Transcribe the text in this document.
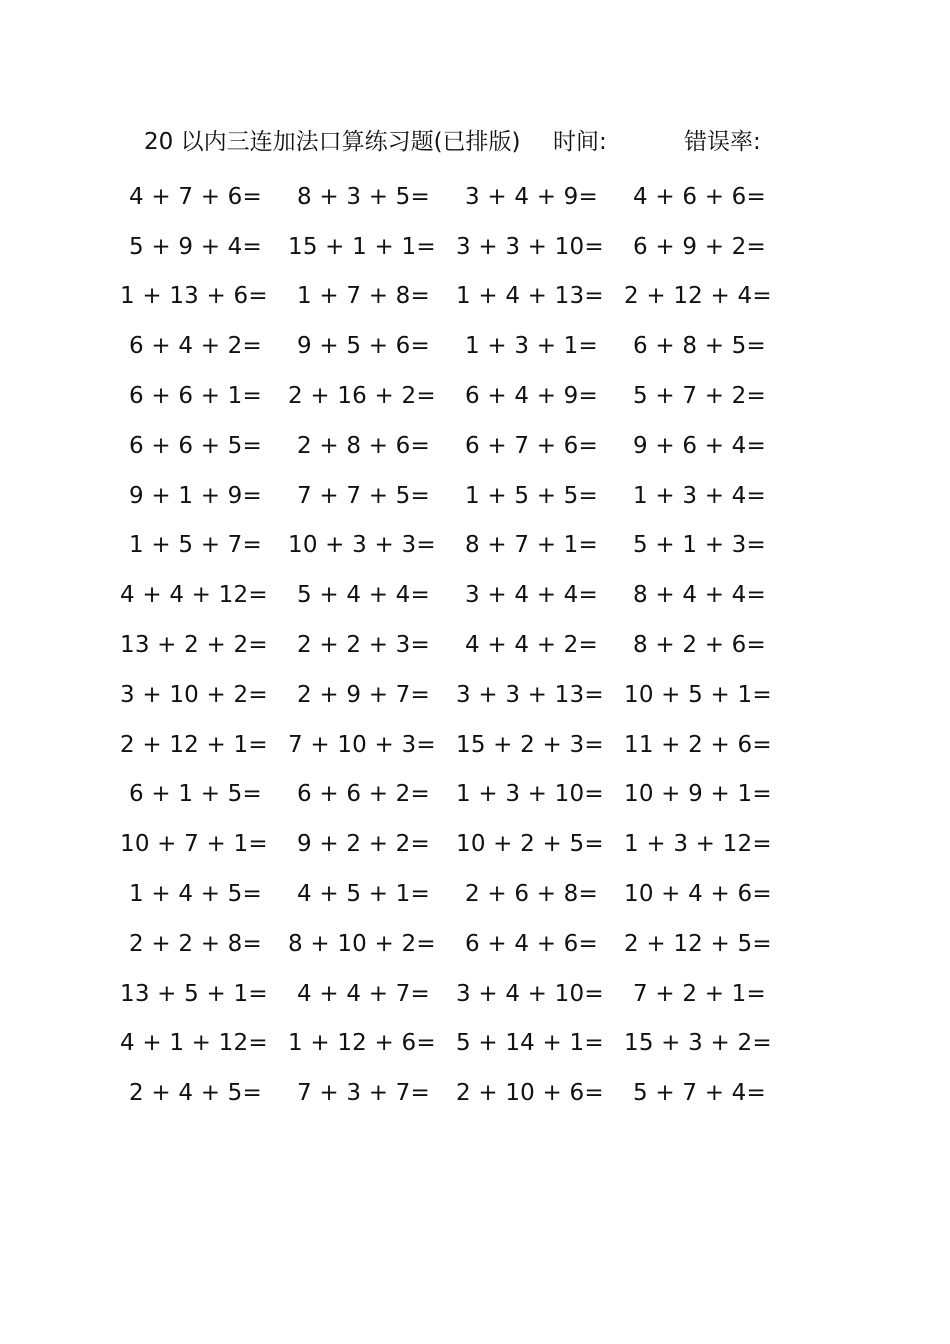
20 以内三连加法口算练习题(已排版) 时间:	错误率:
4 + 7 + 6=	8 + 3 + 5=	3 + 4 + 9=	4 + 6 + 6=
5 + 9 + 4=	15 + 1 + 1= 3 + 3 + 10=	6 + 9 + 2=
1 + 13 + 6=	1 + 7 + 8=	1 + 4 + 13= 2 + 12 + 4=
6 + 4 + 2=	9 + 5 + 6=	1 + 3 + 1=	6 + 8 + 5=
6 + 6 + 1=	2 + 16 + 2=	6 + 4 + 9=	5 + 7 + 2=
6 + 6 + 5=	2 + 8 + 6=	6 + 7 + 6=	9 + 6 + 4=
9 + 1 + 9=	7 + 7 + 5=	1 + 5 + 5=	1 + 3 + 4=
1 + 5 + 7=	10 + 3 + 3=	8 + 7 + 1=	5 + 1 + 3=
4 + 4 + 12=	5 + 4 + 4=	3 + 4 + 4=	8 + 4 + 4=
13 + 2 + 2=	2 + 2 + 3=	4 + 4 + 2=	8 + 2 + 6=
3 + 10 + 2=	2 + 9 + 7=	3 + 3 + 13= 10 + 5 + 1=
2 + 12 + 1= 7 + 10 + 3= 15 + 2 + 3= 11 + 2 + 6=
6 + 1 + 5=	6 + 6 + 2=	1 + 3 + 10= 10 + 9 + 1=
10 + 7 + 1=	9 + 2 + 2=	10 + 2 + 5= 1 + 3 + 12=
1 + 4 + 5=	4 + 5 + 1=	2 + 6 + 8=	10 + 4 + 6=
2 + 2 + 8=	8 + 10 + 2=	6 + 4 + 6=	2 + 12 + 5=
13 + 5 + 1=	4 + 4 + 7=	3 + 4 + 10=	7 + 2 + 1=
4 + 1 + 12= 1 + 12 + 6= 5 + 14 + 1= 15 + 3 + 2=
2 + 4 + 5=	7 + 3 + 7=	2 + 10 + 6=	5 + 7 + 4=
